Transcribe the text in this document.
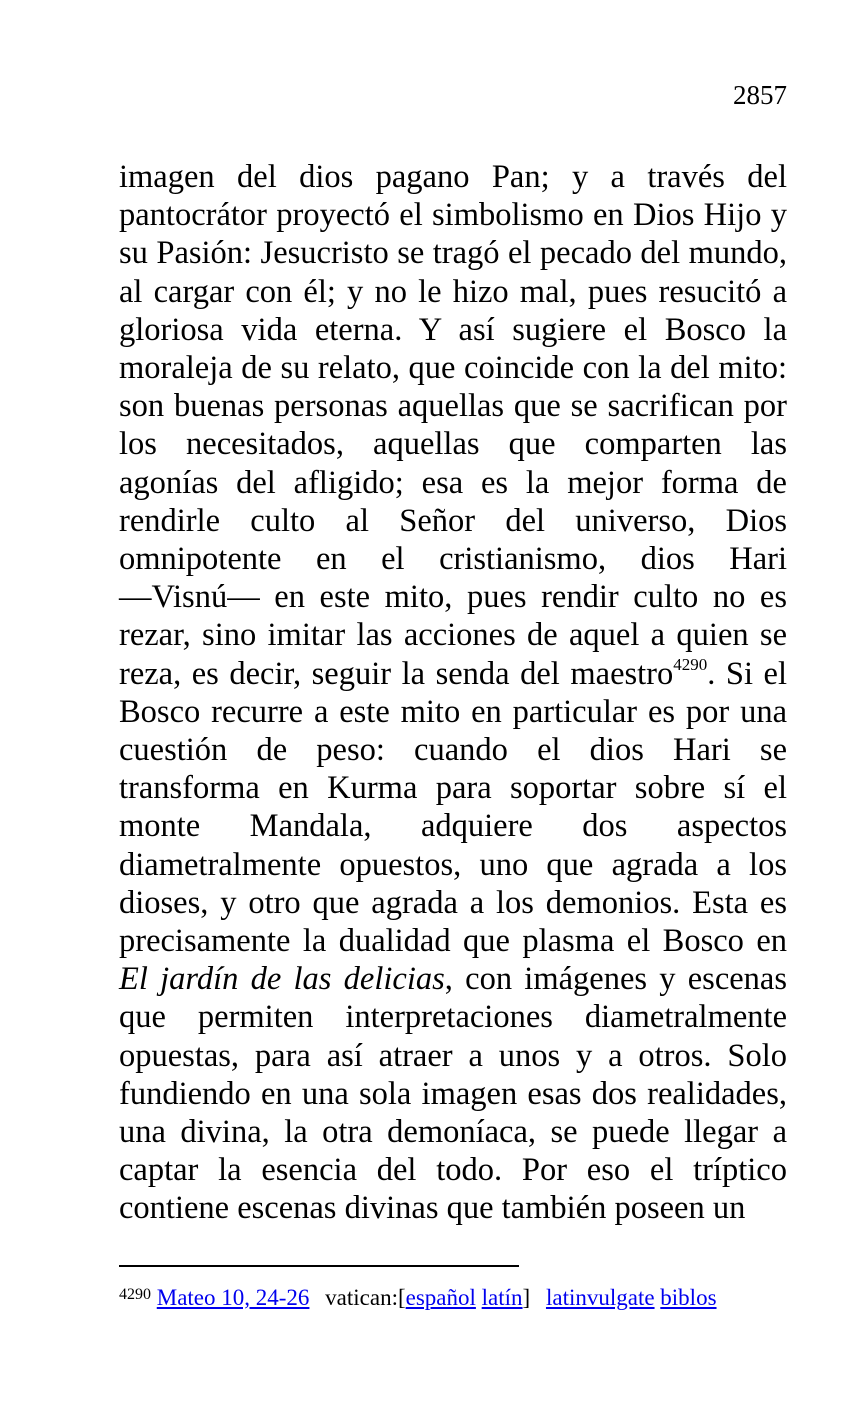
2857

imagen del dios pagano Pan; y a través del pantocrátor proyectó el simbolismo en Dios Hijo y su Pasión: Jesucristo se tragó el pecado del mundo, al cargar con él; y no le hizo mal, pues resucitó a gloriosa vida eterna. Y así sugiere el Bosco la moraleja de su relato, que coincide con la del mito: son buenas personas aquellas que se sacrifican por los necesitados, aquellas que comparten las agonías del afligido; esa es la mejor forma de rendirle culto al Señor del universo, Dios omnipotente en el cristianismo, dios Hari ―Visnú― en este mito, pues rendir culto no es rezar, sino imitar las acciones de aquel a quien se reza, es decir, seguir la senda del maestro$^{4290}$. Si el Bosco recurre a este mito en particular es por una cuestión de peso: cuando el dios Hari se transforma en Kurma para soportar sobre sí el monte Mandala, adquiere dos aspectos diametralmente opuestos, uno que agrada a los dioses, y otro que agrada a los demonios. Esta es precisamente la dualidad que plasma el Bosco en El jardín de las delicias, con imágenes y escenas que permiten interpretaciones diametralmente opuestas, para así atraer a unos y a otros. Solo fundiendo en una sola imagen esas dos realidades, una divina, la otra demoníaca, se puede llegar a captar la esencia del todo. Por eso el tríptico contiene escenas divinas que también poseen un

$^{4290}$ Mateo 10, 24-26 vatican:[español latín] latinvulgate biblos
